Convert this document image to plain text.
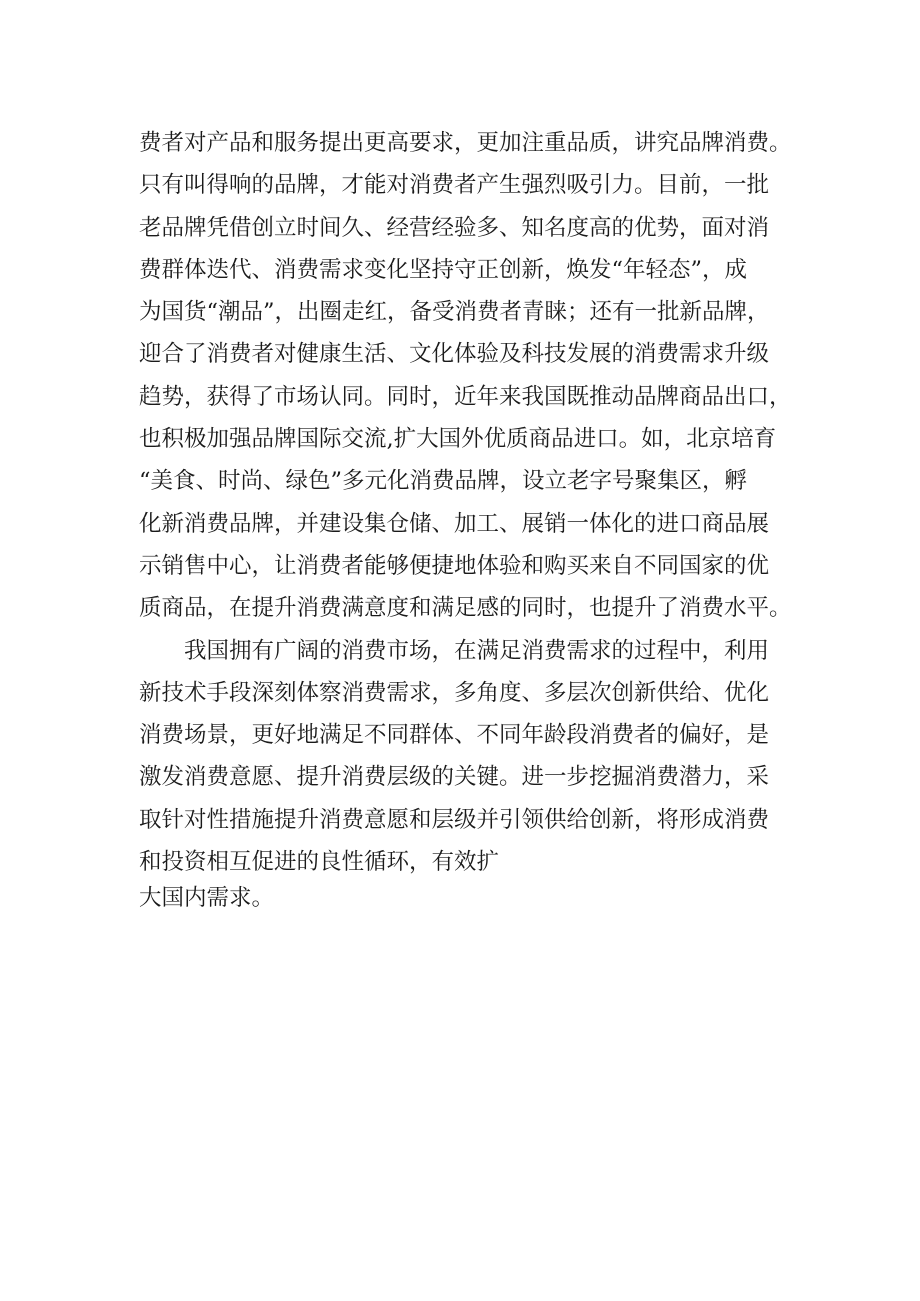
费者对产品和服务提出更高要求，更加注重品质，讲究品牌消费。
只有叫得响的品牌，才能对消费者产生强烈吸引力。目前，一批
老品牌凭借创立时间久、经营经验多、知名度高的优势，面对消
费群体迭代、消费需求变化坚持守正创新，焕发“年轻态”，成
为国货“潮品”，出圈走红，备受消费者青睐；还有一批新品牌，
迎合了消费者对健康生活、文化体验及科技发展的消费需求升级
趋势，获得了市场认同。同时，近年来我国既推动品牌商品出口，
也积极加强品牌国际交流,扩大国外优质商品进口。如，北京培育
“美食、时尚、绿色”多元化消费品牌，设立老字号聚集区，孵
化新消费品牌，并建设集仓储、加工、展销一体化的进口商品展
示销售中心，让消费者能够便捷地体验和购买来自不同国家的优
质商品，在提升消费满意度和满足感的同时，也提升了消费水平。
我国拥有广阔的消费市场，在满足消费需求的过程中，利用
新技术手段深刻体察消费需求，多角度、多层次创新供给、优化
消费场景，更好地满足不同群体、不同年龄段消费者的偏好，是
激发消费意愿、提升消费层级的关键。进一步挖掘消费潜力，采
取针对性措施提升消费意愿和层级并引领供给创新，将形成消费
和投资相互促进的良性循环，有效扩
大国内需求。
